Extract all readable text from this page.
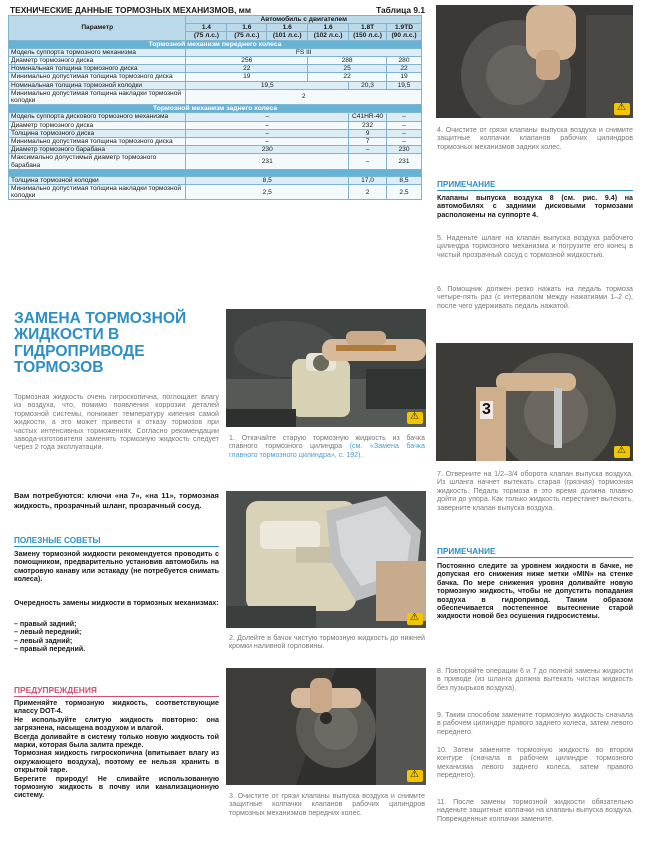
ТЕХНИЧЕСКИЕ ДАННЫЕ ТОРМОЗНЫХ МЕХАНИЗМОВ, мм	Таблица 9.1
Параметр	Автомобиль с двигателем					
	1.4	1.6	1.6	1.6	1.8T	1.9TD
	(75 л.с.)	(75 л.с.)	(101 л.с.)	(102 л.с.)	(150 л.с.)	(90 л.с.)
Тормозной механизм переднего колеса						
Модель суппорта тормозного механизма	FS III					
Диаметр тормозного диска	256			288		280
Номинальная толщина тормозного диска	22			25		22
Минимально допустимая толщина тормозного диска	19			22		19
Номинальная толщина тормозной колодки	19,5				20,3	19,5
Минимально допустимая толщина накладки тормозной колодки	2					
Тормозной механизм заднего колеса						
Модель суппорта дискового тормозного механизма	–				C41HR-40	–
Диаметр тормозного диска	–				232	–
Толщина тормозного диска	–				9	–
Минимально допустимая толщина тормозного диска	–				7	–
Диаметр тормозного барабана	230				–	230
Максимально допустимый диаметр тормозного барабана	231				–	231

Толщина тормозной колодки	8,5				17,0	8,5
Минимально допустимая толщина накладки тормозной колодки	2,5				2	2,5
ЗАМЕНА ТОРМОЗНОЙ ЖИДКОСТИ В ГИДРОПРИВОДЕ ТОРМОЗОВ
Тормозная жидкость очень гигроскопична, поглощает влагу из воздуха, что, помимо появления коррозии деталей тормозной системы, понижает температуру кипения самой жидкости, а это может привести к отказу тормозов при частых интенсивных торможениях. Согласно рекомендации завода-изготовителя заменять тормозную жидкость следует через 2 года эксплуатации.
Вам потребуются: ключи «на 7», «на 11», тормозная жидкость, прозрачный шланг, прозрачный сосуд.
ПОЛЕЗНЫЕ СОВЕТЫ
Замену тормозной жидкости рекомендуется проводить с помощником, предварительно установив автомобиль на смотровую канаву или эстакаду (не потребуется снимать колеса).
Очередность замены жидкости в тормозных механизмах:
– правый задний;
– левый передний;
– левый задний;
– правый передний.
ПРЕДУПРЕЖДЕНИЯ
Применяйте тормозную жидкость, соответствующие классу DOT-4.
Не используйте слитую жидкость повторно: она загрязнена, насыщена воздухом и влагой.
Всегда доливайте в систему только новую жидкость той марки, которая была залита прежде.
Тормозная жидкость гигроскопична (впитывает влагу из окружающего воздуха), поэтому ее нельзя хранить в открытой таре.
Берегите природу! Не сливайте использованную тормозную жидкость в почву или канализационную систему.
⚠
1. Откачайте старую тормозную жидкость из бачка главного тормозного цилиндра (см. «Замена бачка главного тормозного цилиндра», с. 192).
⚠
2. Долейте в бачок чистую тормозную жидкость до нижней кромки наливной горловины.
⚠
3. Очистите от грязи клапаны выпуска воздуха и снимите защитные колпачки клапанов рабочих цилиндров тормозных механизмов передних колес.
⚠
4. Очистите от грязи клапаны выпуска воздуха и снимите защитные колпачки клапанов рабочих цилиндров тормозных механизмов задних колес.
ПРИМЕЧАНИЕ
Клапаны выпуска воздуха 8 (см. рис. 9.4) на автомобилях с задними дисковыми тормозами расположены на суппорте 4.
5. Наденьте шланг на клапан выпуска воздуха рабочего цилиндра тормозного механизма и погрузите его конец в чистый прозрачный сосуд с тормозной жидкостью.
6. Помощник должен резко нажать на педаль тормоза четыре-пять раз (с интервалом между нажатиями 1–2 с), после чего удерживать педаль нажатой.
3
⚠
7. Отверните на 1/2–3/4 оборота клапан выпуска воздуха. Из шланга начнет вытекать старая (грязная) тормозная жидкость. Педаль тормоза в это время должна плавно дойти до упора. Как только жидкость перестанет вытекать, заверните клапан выпуска воздуха.
ПРИМЕЧАНИЕ
Постоянно следите за уровнем жидкости в бачке, не допуская его снижения ниже метки «MIN» на стенке бачка. По мере снижения уровня доливайте новую тормозную жидкость, чтобы не допустить попадания воздуха в гидропривод. Таким образом обеспечивается постепенное вытеснение старой жидкости новой без осушения гидросистемы.
8. Повторяйте операции 6 и 7 до полной замены жидкости в приводе (из шланга должна вытекать чистая жидкость без пузырьков воздуха).
9. Таким способом замените тормозную жидкость сначала в рабочем цилиндре правого заднего колеса, затем левого переднего.
10. Затем замените тормозную жидкость во втором контуре (сначала в рабочем цилиндре тормозного механизма левого заднего колеса, затем правого переднего).
11. После замены тормозной жидкости обязательно наденьте защитные колпачки на клапаны выпуска воздуха. Поврежденные колпачки замените.
